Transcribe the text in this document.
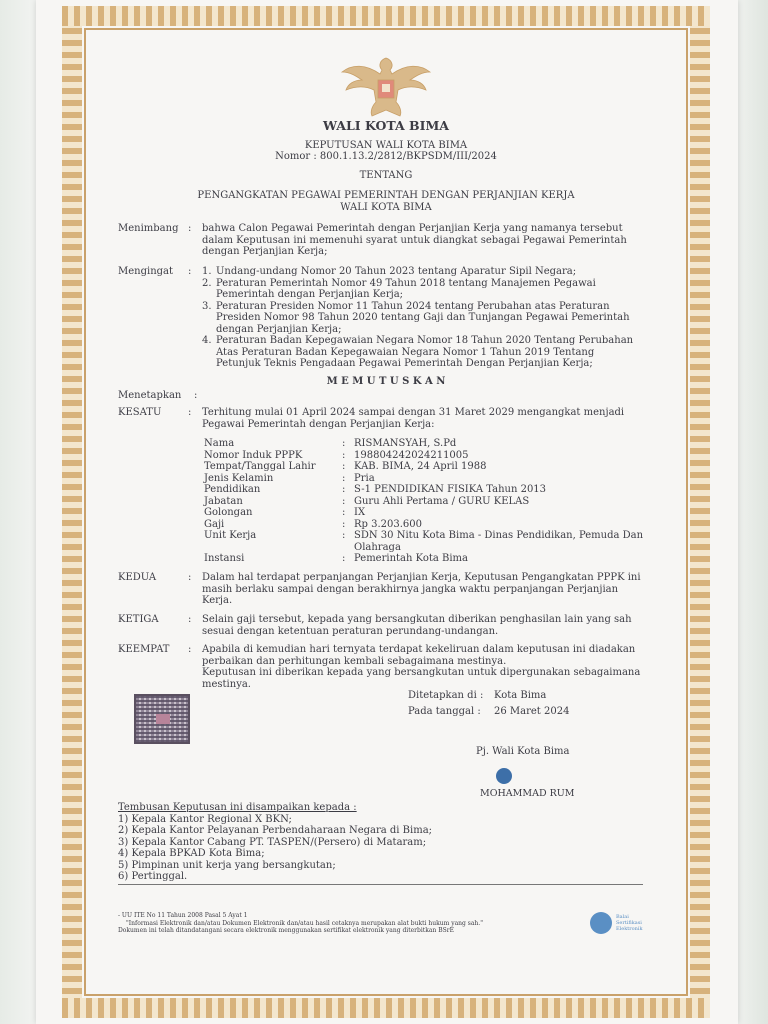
WALI KOTA BIMA
KEPUTUSAN WALI KOTA BIMA
Nomor : 800.1.13.2/2812/BKPSDM/III/2024
TENTANG
PENGANGKATAN PEGAWAI PEMERINTAH DENGAN PERJANJIAN KERJA
WALI KOTA BIMA
Menimbang : bahwa Calon Pegawai Pemerintah dengan Perjanjian Kerja yang namanya tersebut dalam Keputusan ini memenuhi syarat untuk diangkat sebagai Pegawai Pemerintah dengan Perjanjian Kerja;
Mengingat : 1. Undang-undang Nomor 20 Tahun 2023 tentang Aparatur Sipil Negara;
2. Peraturan Pemerintah Nomor 49 Tahun 2018 tentang Manajemen Pegawai Pemerintah dengan Perjanjian Kerja;
3. Peraturan Presiden Nomor 11 Tahun 2024 tentang Perubahan atas Peraturan Presiden Nomor 98 Tahun 2020 tentang Gaji dan Tunjangan Pegawai Pemerintah dengan Perjanjian Kerja;
4. Peraturan Badan Kepegawaian Negara Nomor 18 Tahun 2020 Tentang Perubahan Atas Peraturan Badan Kepegawaian Negara Nomor 1 Tahun 2019 Tentang Petunjuk Teknis Pengadaan Pegawai Pemerintah Dengan Perjanjian Kerja;
M E M U T U S K A N
Menetapkan :
KESATU	: Terhitung mulai 01 April 2024 sampai dengan 31 Maret 2029 mengangkat menjadi Pegawai Pemerintah dengan Perjanjian Kerja:
Nama	: RISMANSYAH, S.Pd
Nomor Induk PPPK	: 198804242024211005
Tempat/Tanggal Lahir	: KAB. BIMA, 24 April 1988
Jenis Kelamin	: Pria
Pendidikan	: S-1 PENDIDIKAN FISIKA Tahun 2013
Jabatan	: Guru Ahli Pertama / GURU KELAS
Golongan	: IX
Gaji	: Rp 3.203.600
Unit Kerja	: SDN 30 Nitu Kota Bima - Dinas Pendidikan, Pemuda Dan Olahraga
Instansi	: Pemerintah Kota Bima
KEDUA	: Dalam hal terdapat perpanjangan Perjanjian Kerja, Keputusan Pengangkatan PPPK ini masih berlaku sampai dengan berakhirnya jangka waktu perpanjangan Perjanjian Kerja.
KETIGA	: Selain gaji tersebut, kepada yang bersangkutan diberikan penghasilan lain yang sah sesuai dengan ketentuan peraturan perundang-undangan.
KEEMPAT : Apabila di kemudian hari ternyata terdapat kekeliruan dalam keputusan ini diadakan perbaikan dan perhitungan kembali sebagaimana mestinya.
Keputusan ini diberikan kepada yang bersangkutan untuk dipergunakan sebagaimana mestinya.
Ditetapkan di : Kota Bima
Pada tanggal : 26 Maret 2024
Pj. Wali Kota Bima
MOHAMMAD RUM
Tembusan Keputusan ini disampaikan kepada :
1) Kepala Kantor Regional X BKN;
2) Kepala Kantor Pelayanan Perbendaharaan Negara di Bima;
3) Kepala Kantor Cabang PT. TASPEN/(Persero) di Mataram;
4) Kepala BPKAD Kota Bima;
5) Pimpinan unit kerja yang bersangkutan;
6) Pertinggal.
- UU ITE No 11 Tahun 2008 Pasal 5 Ayat 1
"Informasi Elektronik dan/atau Dokumen Elektronik dan/atau hasil cetaknya merupakan alat bukti hukum yang sah."
Dokumen ini telah ditandatangani secara elektronik menggunakan sertifikat elektronik yang diterbitkan BSrE
Balai Sertifikasi Elektronik
